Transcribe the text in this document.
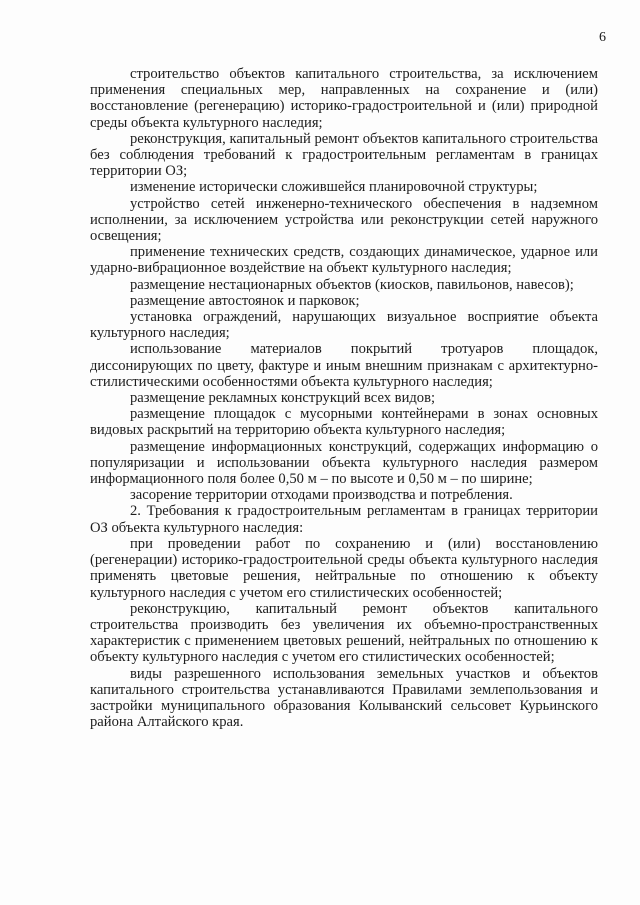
6

строительство объектов капитального строительства, за исключением применения специальных мер, направленных на сохранение и (или) восстановление (регенерацию) историко-градостроительной и (или) природной среды объекта культурного наследия;

реконструкция, капитальный ремонт объектов капитального строительства без соблюдения требований к градостроительным регламентам в границах территории ОЗ;

изменение исторически сложившейся планировочной структуры;

устройство сетей инженерно-технического обеспечения в надземном исполнении, за исключением устройства или реконструкции сетей наружного освещения;

применение технических средств, создающих динамическое, ударное или ударно-вибрационное воздействие на объект культурного наследия;

размещение нестационарных объектов (киосков, павильонов, навесов);

размещение автостоянок и парковок;

установка ограждений, нарушающих визуальное восприятие объекта культурного наследия;

использование материалов покрытий тротуаров площадок, диссонирующих по цвету, фактуре и иным внешним признакам с архитектурно-стилистическими особенностями объекта культурного наследия;

размещение рекламных конструкций всех видов;

размещение площадок с мусорными контейнерами в зонах основных видовых раскрытий на территорию объекта культурного наследия;

размещение информационных конструкций, содержащих информацию о популяризации и использовании объекта культурного наследия размером информационного поля более 0,50 м – по высоте и 0,50 м – по ширине;

засорение территории отходами производства и потребления.

2. Требования к градостроительным регламентам в границах территории ОЗ объекта культурного наследия:

при проведении работ по сохранению и (или) восстановлению (регенерации) историко-градостроительной среды объекта культурного наследия применять цветовые решения, нейтральные по отношению к объекту культурного наследия с учетом его стилистических особенностей;

реконструкцию, капитальный ремонт объектов капитального строительства производить без увеличения их объемно-пространственных характеристик с применением цветовых решений, нейтральных по отношению к объекту культурного наследия с учетом его стилистических особенностей;

виды разрешенного использования земельных участков и объектов капитального строительства устанавливаются Правилами землепользования и застройки муниципального образования Колыванский сельсовет Курьинского района Алтайского края.
